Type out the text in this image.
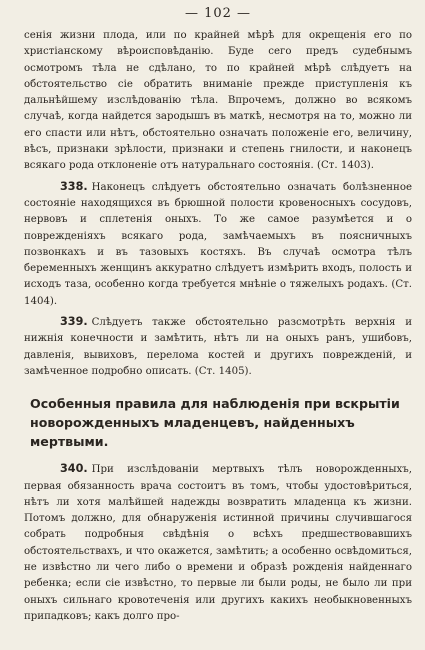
— 102 —

сенія жизни плода, или по крайней мѣрѣ для окрещенія его по христіанскому вѣроисповѣданію. Буде сего предъ судебнымъ осмотромъ тѣла не сдѣлано, то по крайней мѣрѣ слѣдуетъ на обстоятельство сіе обратить вниманіе прежде приступленія къ дальнѣйшему изслѣдованію тѣла. Впрочемъ, должно во всякомъ случаѣ, когда найдется зародышъ въ маткѣ, несмотря на то, можно ли его спасти или нѣтъ, обстоятельно означать положеніе его, величину, вѣсъ, признаки зрѣлости, признаки и степень гнилости, и наконецъ всякаго рода отклоненіе отъ натуральнаго состоянія. (Ст. 1403).

338. Наконецъ слѣдуетъ обстоятельно означать болѣзненное состояніе находящихся въ брюшной полости кровеносныхъ сосудовъ, нервовъ и сплетенія оныхъ. То же самое разумѣется и о поврежденіяхъ всякаго рода, замѣчаемыхъ въ поясничныхъ позвонкахъ и въ тазовыхъ костяхъ. Въ случаѣ осмотра тѣлъ беременныхъ женщинъ аккуратно слѣдуетъ измѣрить входъ, полость и исходъ таза, особенно когда требуется мнѣніе о тяжелыхъ родахъ. (Ст. 1404).

339. Слѣдуетъ также обстоятельно разсмотрѣть верхнія и нижнія конечности и замѣтить, нѣтъ ли на оныхъ ранъ, ушибовъ, давленія, вывиховъ, перелома костей и другихъ поврежденій, и замѣченное подробно описать. (Ст. 1405).

Особенныя правила для наблюденія при вскрытіи новорожденныхъ младенцевъ, найденныхъ мертвыми.

340. При изслѣдованіи мертвыхъ тѣлъ новорожденныхъ, первая обязанность врача состоитъ въ томъ, чтобы удостовѣриться, нѣтъ ли хотя малѣйшей надежды возвратить младенца къ жизни. Потомъ должно, для обнаруженія истинной причины случившагося собрать подробныя свѣдѣнія о всѣхъ предшествовавшихъ обстоятельствахъ, и что окажется, замѣтить; а особенно освѣдомиться, не извѣстно ли чего либо о времени и образѣ рожденія найденнаго ребенка; если сіе извѣстно, то первые ли были роды, не было ли при оныхъ сильнаго кровотеченія или другихъ какихъ необыкновенныхъ припадковъ; какъ долго про-
